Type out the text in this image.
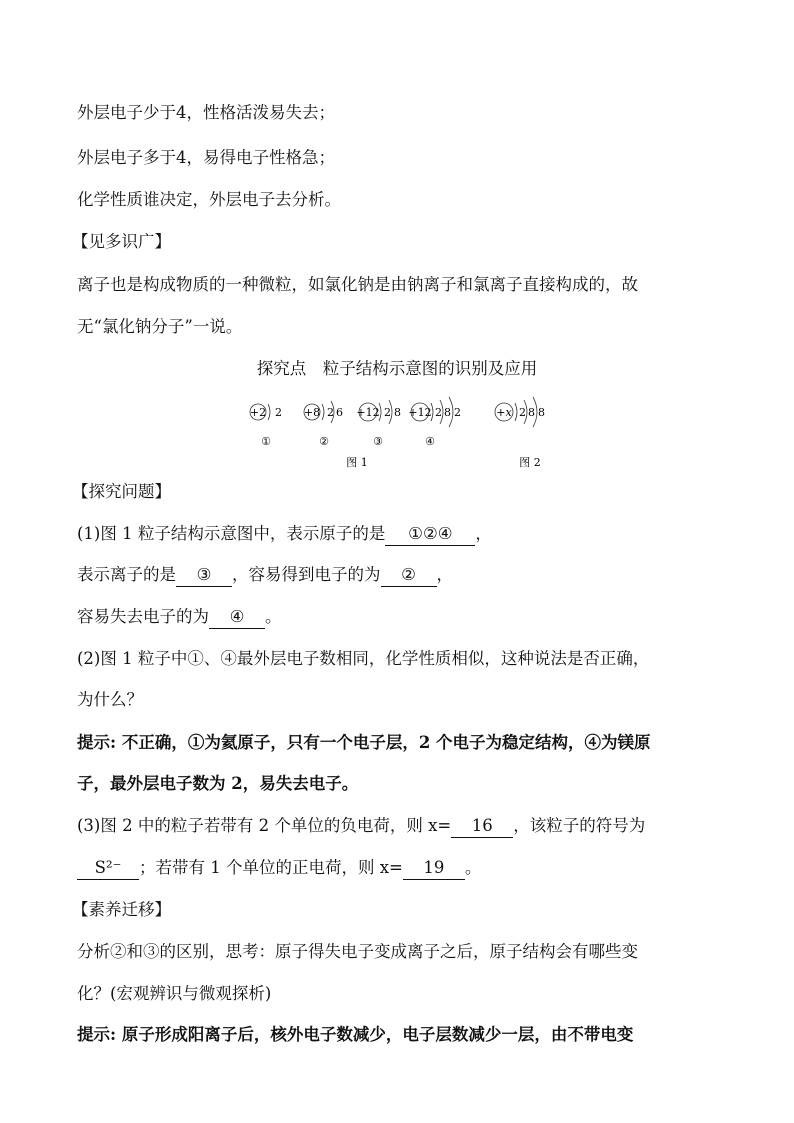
外层电子少于4，性格活泼易失去；
外层电子多于4，易得电子性格急；
化学性质谁决定，外层电子去分析。
【见多识广】
离子也是构成物质的一种微粒，如氯化钠是由钠离子和氯离子直接构成的，故
无“氯化钠分子”一说。
探究点　粒子结构示意图的识别及应用
+2 2
①
+8 2 6
②
+12 2 8
③
+12 2 8 2
④
+x 2 8 8
图 1	图 2
【探究问题】
(1)图 1 粒子结构示意图中，表示原子的是 ①②④ ，
表示离子的是 ③ ，容易得到电子的为 ② ，
容易失去电子的为 ④ 。
(2)图 1 粒子中①、④最外层电子数相同，化学性质相似，这种说法是否正确，
为什么？
提示: 不正确，①为氦原子，只有一个电子层，2 个电子为稳定结构，④为镁原
子，最外层电子数为 2，易失去电子。
(3)图 2 中的粒子若带有 2 个单位的负电荷，则 x= 16 ，该粒子的符号为
S²⁻ ；若带有 1 个单位的正电荷，则 x= 19 。
【素养迁移】
分析②和③的区别，思考：原子得失电子变成离子之后，原子结构会有哪些变
化？(宏观辨识与微观探析)
提示: 原子形成阳离子后，核外电子数减少，电子层数减少一层，由不带电变
